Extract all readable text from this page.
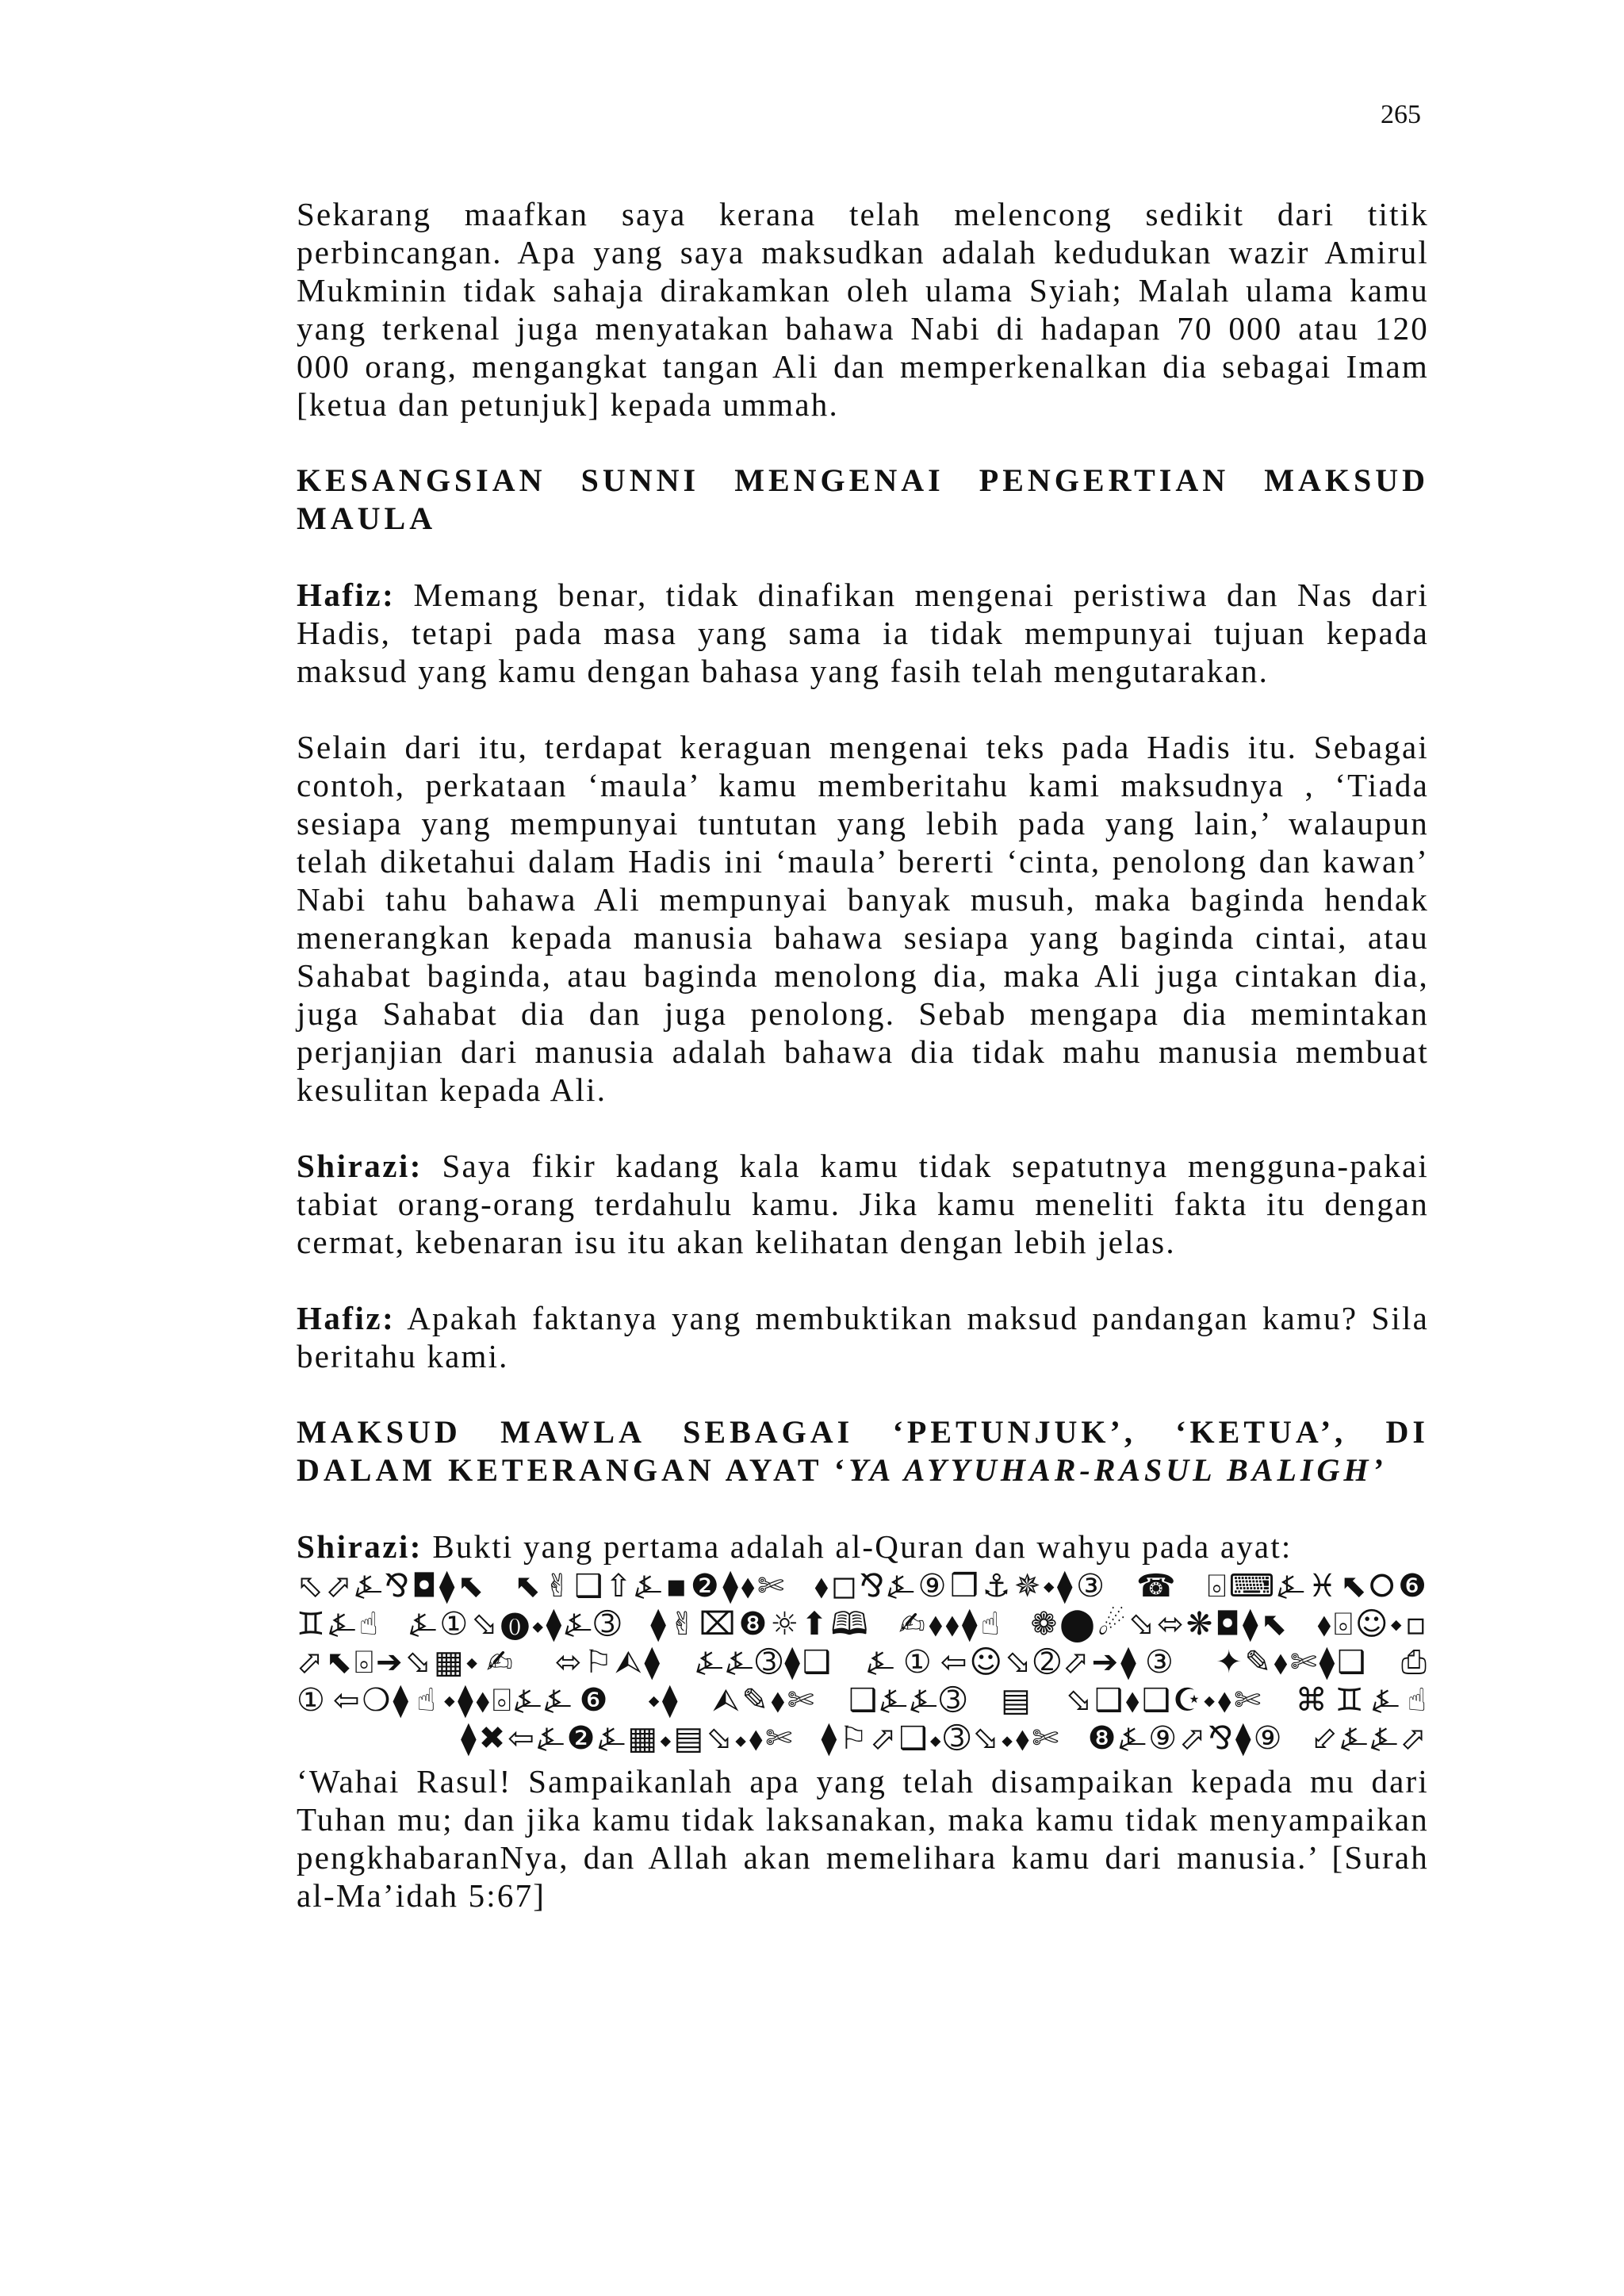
265

Sekarang maafkan saya kerana telah melencong sedikit dari titik perbincangan. Apa yang saya maksudkan adalah kedudukan wazir Amirul Mukminin tidak sahaja dirakamkan oleh ulama Syiah; Malah ulama kamu yang terkenal juga menyatakan bahawa Nabi di hadapan 70 000 atau 120 000 orang, mengangkat tangan Ali dan memperkenalkan dia sebagai Imam [ketua dan petunjuk] kepada ummah.

KESANGSIAN SUNNI MENGENAI PENGERTIAN MAKSUD MAULA

Hafiz: Memang benar, tidak dinafikan mengenai peristiwa dan Nas dari Hadis, tetapi pada masa yang sama ia tidak mempunyai tujuan kepada maksud yang kamu dengan bahasa yang fasih telah mengutarakan.

Selain dari itu, terdapat keraguan mengenai teks pada Hadis itu. Sebagai contoh, perkataan ‘maula’ kamu memberitahu kami maksudnya , ‘Tiada sesiapa yang mempunyai tuntutan yang lebih pada yang lain,’ walaupun telah diketahui dalam Hadis ini ‘maula’ bererti ‘cinta, penolong dan kawan’ Nabi tahu bahawa Ali mempunyai banyak musuh, maka baginda hendak menerangkan kepada manusia bahawa sesiapa yang baginda cintai, atau Sahabat baginda, atau baginda menolong dia, maka Ali juga cintakan dia, juga Sahabat dia dan juga penolong. Sebab mengapa dia memintakan perjanjian dari manusia adalah bahawa dia tidak mahu manusia membuat kesulitan kepada Ali.

Shirazi: Saya fikir kadang kala kamu tidak sepatutnya mengguna-pakai tabiat orang-orang terdahulu kamu. Jika kamu meneliti fakta itu dengan cermat, kebenaran isu itu akan kelihatan dengan lebih jelas.

Hafiz: Apakah faktanya yang membuktikan maksud pandangan kamu? Sila beritahu kami.

MAKSUD MAWLA SEBAGAI ‘PETUNJUK’, ‘KETUA’, DI DALAM KETERANGAN AYAT ‘YA AYYUHAR-RASUL BALIGH’

Shirazi: Bukti yang pertama adalah al-Quran dan wahyu pada ayat:

⬁⬀⍼⅋◘⧫⬉ ⬉✌❑⇧⍼▪❷⧫⬧✄ ⬧◻⅋⍼⑨❒⚓✵⬩⧫③ ☎ ⌻⌨⍼♓⬉⭘❻ ♊⍼☝ ⍼①⬂⓿⬩⧫⍼➂ ⧫✌⌧❽☼⬆🕮 ✍⬧⬧⧫☝ ❁⬤☄⬂⬄❋◘⧫⬉ ⬧⌻☺⬩▫ ⬀⬉⌻➔⬂▦⬩✍ ⬄⚐⮙⧫ ⍼⍼➂⧫❑ ⍼①⇦☺⬂➁⬀➔⧫③ ✦✎⬧✄⧫❑ ⎙ ①⇦❍⧫☝⬩⧫⬧⌻⍼⍼❻ ⬩⧫ ⮙✎⬧✄ ❑⍼⍼➂ ▤ ⬂❑⬧❑☪⬩⬧✄ ⌘♊⍼☝ ⧫✖⇦⍼❷⍼▦⬩▤⬂⬩⬧✄ ⧫⚐⬀❑⬩➂⬂⬩⬧✄ ❽⍼⑨⬀⅋⧫⑨ ⬃⍼⍼⬀

‘Wahai Rasul! Sampaikanlah apa yang telah disampaikan kepada mu dari Tuhan mu; dan jika kamu tidak laksanakan, maka kamu tidak menyampaikan pengkhabaranNya, dan Allah akan memelihara kamu dari manusia.’ [Surah al-Ma’idah 5:67]
